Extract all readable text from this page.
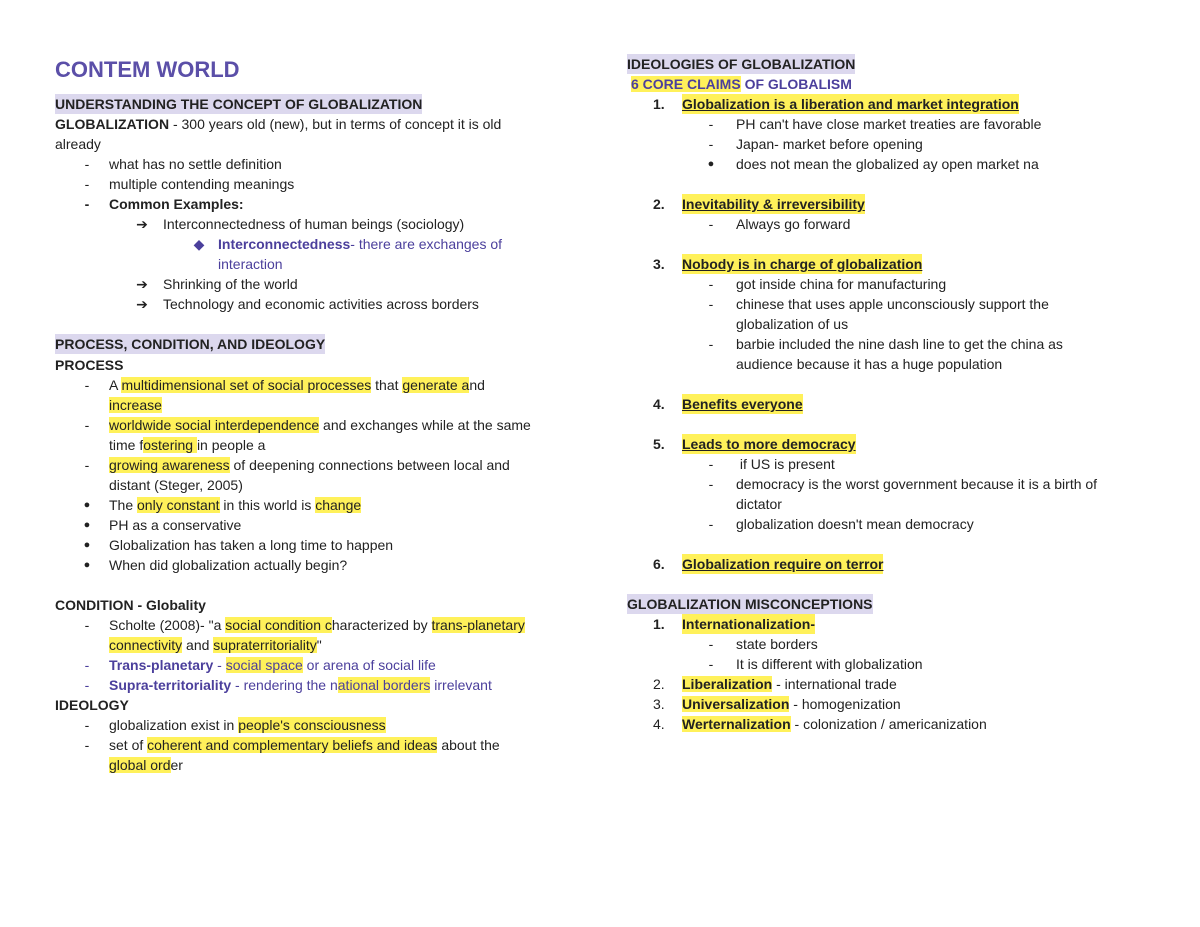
CONTEM WORLD
UNDERSTANDING THE CONCEPT OF GLOBALIZATION
GLOBALIZATION - 300 years old (new), but in terms of concept it is old
already
-	what has no settle definition
-	multiple contending meanings
-	Common Examples:
➔ Interconnectedness of human beings (sociology)
◆ Interconnectedness- there are exchanges of
interaction
➔ Shrinking of the world
➔ Technology and economic activities across borders
PROCESS, CONDITION, AND IDEOLOGY
PROCESS
-	A multidimensional set of social processes that generate and
increase
-	worldwide social interdependence and exchanges while at the same
time fostering in people a
-	growing awareness of deepening connections between local and
distant (Steger, 2005)
● The only constant in this world is change
● PH as a conservative
● Globalization has taken a long time to happen
● When did globalization actually begin?
CONDITION - Globality
-	Scholte (2008)- "a social condition characterized by trans-planetary
connectivity and supraterritoriality"
-	Trans-planetary - social space or arena of social life
-	Supra-territoriality - rendering the national borders irrelevant
IDEOLOGY
-	globalization exist in people's consciousness
-	set of coherent and complementary beliefs and ideas about the
global order
IDEOLOGIES OF GLOBALIZATION
6 CORE CLAIMS OF GLOBALISM
1. Globalization is a liberation and market integration
-	PH can't have close market treaties are favorable
-	Japan- market before opening
● does not mean the globalized ay open market na
2. Inevitability & irreversibility
-	Always go forward
3. Nobody is in charge of globalization
-	got inside china for manufacturing
-	chinese that uses apple unconsciously support the
globalization of us
-	barbie included the nine dash line to get the china as
audience because it has a huge population
4. Benefits everyone
5. Leads to more democracy
-	if US is present
-	democracy is the worst government because it is a birth of
dictator
-	globalization doesn't mean democracy
6. Globalization require on terror
GLOBALIZATION MISCONCEPTIONS
1. Internationalization-
-	state borders
-	It is different with globalization
2. Liberalization - international trade
3. Universalization - homogenization
4. Werternalization - colonization / americanization
